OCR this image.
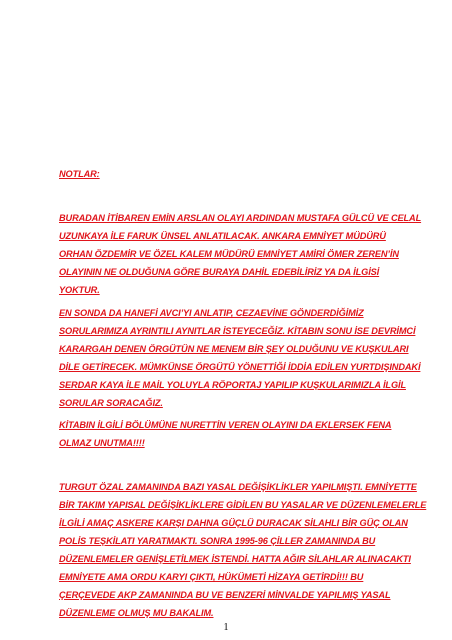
NOTLAR:
BURADAN İTİBAREN EMİN ARSLAN OLAYI ARDINDAN MUSTAFA GÜLCÜ VE CELAL
UZUNKAYA İLE FARUK ÜNSEL ANLATILACAK. ANKARA EMNİYET MÜDÜRÜ
ORHAN ÖZDEMİR VE ÖZEL KALEM MÜDÜRÜ EMNİYET AMİRİ ÖMER ZEREN’İN
OLAYININ NE OLDUĞUNA GÖRE BURAYA DAHİL EDEBİLİRİZ YA DA İLGİSİ
YOKTUR.
EN SONDA DA HANEFİ AVCI’YI ANLATIP, CEZAEVİNE GÖNDERDİĞİMİZ
SORULARIMIZA AYRINTILI AYNITLAR İSTEYECEĞİZ. KİTABIN SONU İSE DEVRİMCİ
KARARGAH DENEN ÖRGÜTÜN NE MENEM BİR ŞEY OLDUĞUNU VE KUŞKULARI
DİLE GETİRECEK. MÜMKÜNSE ÖRGÜTÜ YÖNETTİĞİ İDDİA EDİLEN YURTDIŞINDAKİ
SERDAR KAYA İLE MAİL YOLUYLA RÖPORTAJ YAPILIP KUŞKULARIMIZLA İLGİL
SORULAR SORACAĞIZ.
KİTABIN İLGİLİ BÖLÜMÜNE NURETTİN VEREN OLAYINI DA EKLERSEK FENA
OLMAZ UNUTMA!!!!
TURGUT ÖZAL ZAMANINDA BAZI YASAL DEĞİŞİKLİKLER YAPILMIŞTI. EMNİYETTE
BİR TAKIM YAPISAL DEĞİŞİKLİKLERE GİDİLEN BU YASALAR VE DÜZENLEMELERLE
İLGİLİ AMAÇ ASKERE KARŞI DAHNA GÜÇLÜ DURACAK SİLAHLI BİR GÜÇ OLAN
POLİS TEŞKİLATI YARATMAKTI. SONRA 1995-96 ÇİLLER ZAMANINDA BU
DÜZENLEMELER GENİŞLETİLMEK İSTENDİ. HATTA AĞIR SİLAHLAR ALINACAKTI
EMNİYETE AMA ORDU KARYI ÇIKTI, HÜKÜMETİ HİZAYA GETİRDİ!!! BU
ÇERÇEVEDE AKP ZAMANINDA BU VE BENZERİ MİNVALDE YAPILMIŞ YASAL
DÜZENLEME OLMUŞ MU BAKALIM.
1
